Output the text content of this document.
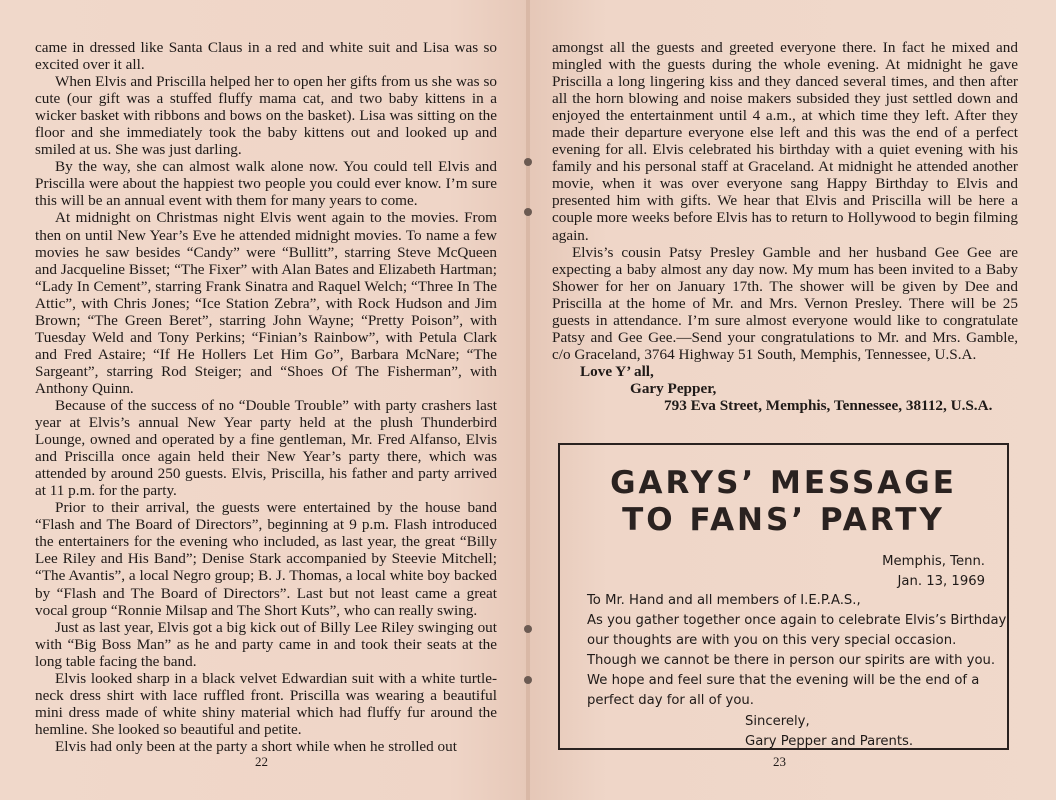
came in dressed like Santa Claus in a red and white suit and Lisa was so excited over it all.

When Elvis and Priscilla helped her to open her gifts from us she was so cute (our gift was a stuffed fluffy mama cat, and two baby kittens in a wicker basket with ribbons and bows on the basket). Lisa was sitting on the floor and she immediately took the baby kittens out and looked up and smiled at us. She was just darling.

By the way, she can almost walk alone now. You could tell Elvis and Priscilla were about the happiest two people you could ever know. I’m sure this will be an annual event with them for many years to come.

At midnight on Christmas night Elvis went again to the movies. From then on until New Year’s Eve he attended midnight movies. To name a few movies he saw besides “Candy” were “Bullitt”, starring Steve McQueen and Jacqueline Bisset; “The Fixer” with Alan Bates and Elizabeth Hartman; “Lady In Cement”, starring Frank Sinatra and Raquel Welch; “Three In The Attic”, with Chris Jones; “Ice Station Zebra”, with Rock Hudson and Jim Brown; “The Green Beret”, starring John Wayne; “Pretty Poison”, with Tuesday Weld and Tony Perkins; “Finian’s Rainbow”, with Petula Clark and Fred Astaire; “If He Hollers Let Him Go”, Barbara McNare; “The Sargeant”, starring Rod Steiger; and “Shoes Of The Fisherman”, with Anthony Quinn.

Because of the success of no “Double Trouble” with party crashers last year at Elvis’s annual New Year party held at the plush Thunderbird Lounge, owned and operated by a fine gentleman, Mr. Fred Alfanso, Elvis and Priscilla once again held their New Year’s party there, which was attended by around 250 guests. Elvis, Priscilla, his father and party arrived at 11 p.m. for the party.

Prior to their arrival, the guests were entertained by the house band “Flash and The Board of Directors”, beginning at 9 p.m. Flash introduced the entertainers for the evening who included, as last year, the great “Billy Lee Riley and His Band”; Denise Stark accompanied by Steevie Mitchell; “The Avantis”, a local Negro group; B. J. Thomas, a local white boy backed by “Flash and The Board of Directors”. Last but not least came a great vocal group “Ronnie Milsap and The Short Kuts”, who can really swing.

Just as last year, Elvis got a big kick out of Billy Lee Riley swinging out with “Big Boss Man” as he and party came in and took their seats at the long table facing the band.

Elvis looked sharp in a black velvet Edwardian suit with a white turtle-neck dress shirt with lace ruffled front. Priscilla was wearing a beautiful mini dress made of white shiny material which had fluffy fur around the hemline. She looked so beautiful and petite.

Elvis had only been at the party a short while when he strolled out

22

amongst all the guests and greeted everyone there. In fact he mixed and mingled with the guests during the whole evening. At midnight he gave Priscilla a long lingering kiss and they danced several times, and then after all the horn blowing and noise makers subsided they just settled down and enjoyed the entertainment until 4 a.m., at which time they left. After they made their departure everyone else left and this was the end of a perfect evening for all. Elvis celebrated his birthday with a quiet evening with his family and his personal staff at Graceland. At midnight he attended another movie, when it was over everyone sang Happy Birthday to Elvis and presented him with gifts. We hear that Elvis and Priscilla will be here a couple more weeks before Elvis has to return to Hollywood to begin filming again.

Elvis’s cousin Patsy Presley Gamble and her husband Gee Gee are expecting a baby almost any day now. My mum has been invited to a Baby Shower for her on January 17th. The shower will be given by Dee and Priscilla at the home of Mr. and Mrs. Vernon Presley. There will be 25 guests in attendance. I’m sure almost everyone would like to congratulate Patsy and Gee Gee.—Send your congratulations to Mr. and Mrs. Gamble, c/o Graceland, 3764 Highway 51 South, Memphis, Tennessee, U.S.A.

Love Y’ all,

Gary Pepper,

793 Eva Street, Memphis, Tennessee, 38112, U.S.A.

GARYS’ MESSAGE
TO FANS’ PARTY
Memphis, Tenn.
Jan. 13, 1969
To Mr. Hand and all members of I.E.P.A.S.,
As you gather together once again to celebrate Elvis’s Birthday
our thoughts are with you on this very special occasion.
Though we cannot be there in person our spirits are with you.
We hope and feel sure that the evening will be the end of a
perfect day for all of you.
Sincerely,
Gary Pepper and Parents.
23
